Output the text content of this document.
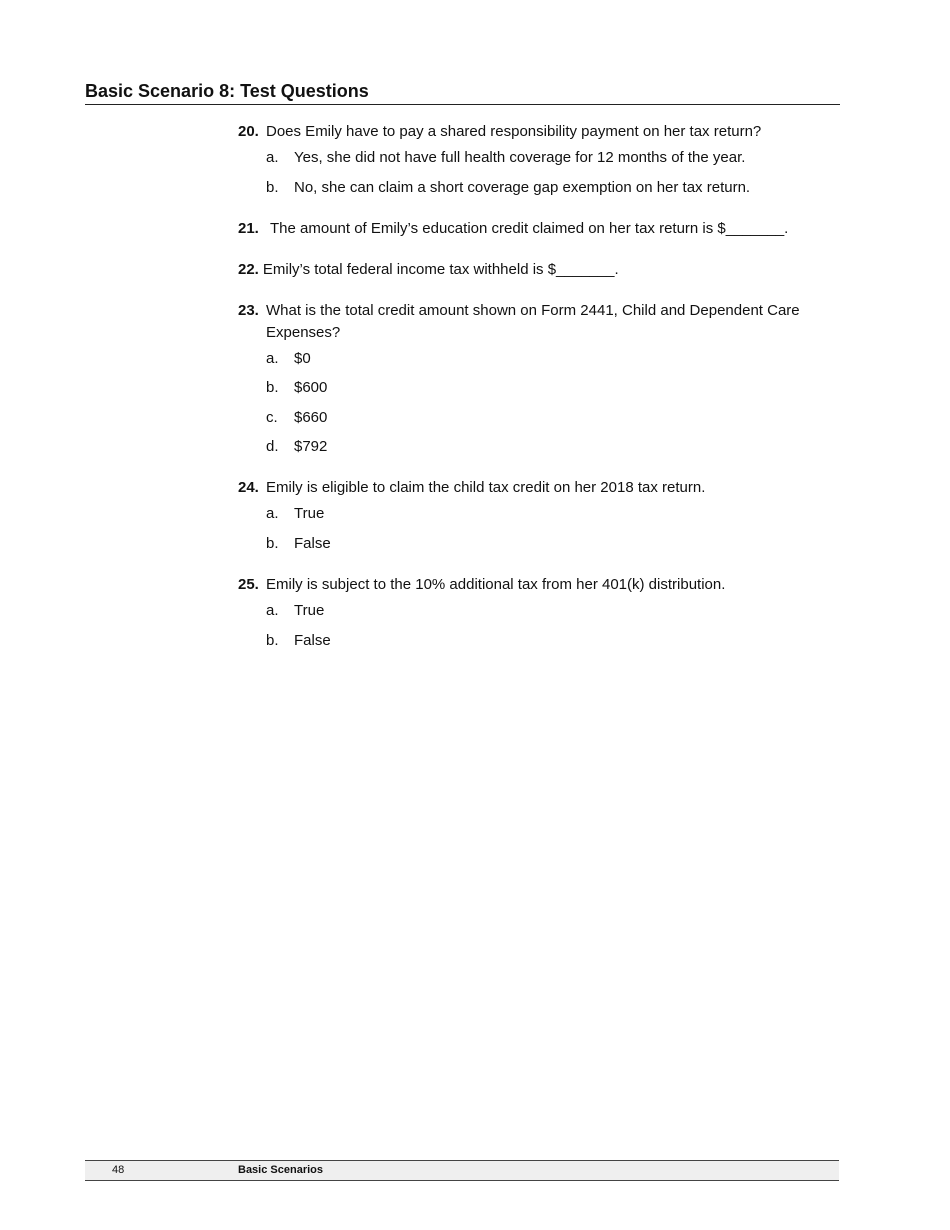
Basic Scenario 8: Test Questions
20. Does Emily have to pay a shared responsibility payment on her tax return?
a.	Yes, she did not have full health coverage for 12 months of the year.
b.	No, she can claim a short coverage gap exemption on her tax return.
21. The amount of Emily’s education credit claimed on her tax return is $_______.
22. Emily’s total federal income tax withheld is $_______.
23. What is the total credit amount shown on Form 2441, Child and Dependent Care Expenses?
a.	$0
b.	$600
c.	$660
d.	$792
24. Emily is eligible to claim the child tax credit on her 2018 tax return.
a.	True
b.	False
25. Emily is subject to the 10% additional tax from her 401(k) distribution.
a.	True
b.	False
48	Basic Scenarios
